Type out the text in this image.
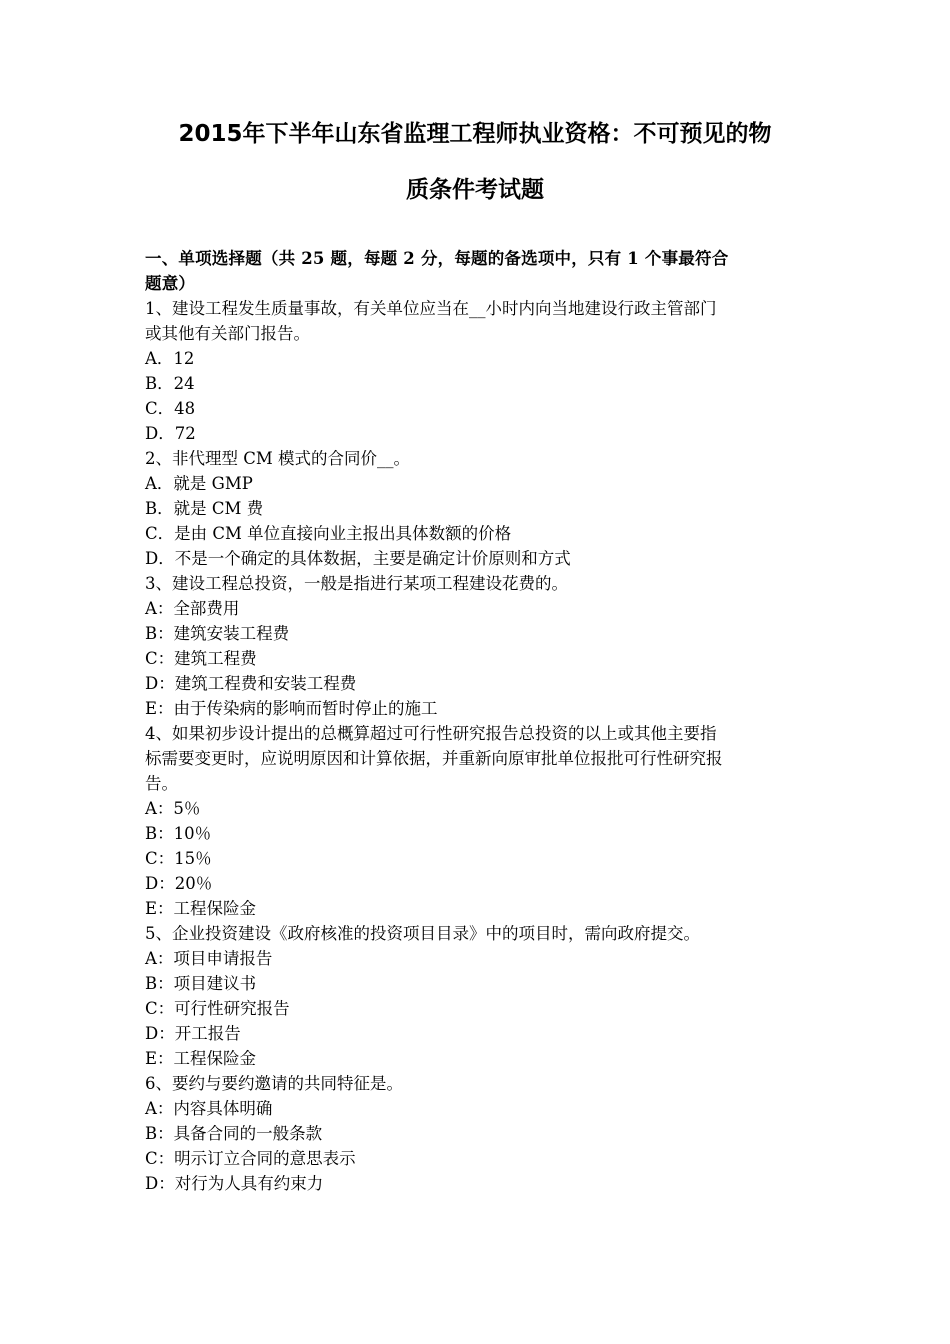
2015年下半年山东省监理工程师执业资格：不可预见的物
质条件考试题
一、单项选择题（共 25 题，每题 2 分，每题的备选项中，只有 1 个事最符合
题意）
1、建设工程发生质量事故，有关单位应当在__小时内向当地建设行政主管部门
或其他有关部门报告。
A．12
B．24
C．48
D．72
2、非代理型 CM 模式的合同价__。
A．就是 GMP
B．就是 CM 费
C．是由 CM 单位直接向业主报出具体数额的价格
D．不是一个确定的具体数据，主要是确定计价原则和方式
3、建设工程总投资，一般是指进行某项工程建设花费的。
A：全部费用
B：建筑安装工程费
C：建筑工程费
D：建筑工程费和安装工程费
E：由于传染病的影响而暂时停止的施工
4、如果初步设计提出的总概算超过可行性研究报告总投资的以上或其他主要指
标需要变更时，应说明原因和计算依据，并重新向原审批单位报批可行性研究报
告。
A：5％
B：10％
C：15％
D：20％
E：工程保险金
5、企业投资建设《政府核准的投资项目目录》中的项目时，需向政府提交。
A：项目申请报告
B：项目建议书
C：可行性研究报告
D：开工报告
E：工程保险金
6、要约与要约邀请的共同特征是。
A：内容具体明确
B：具备合同的一般条款
C：明示订立合同的意思表示
D：对行为人具有约束力
